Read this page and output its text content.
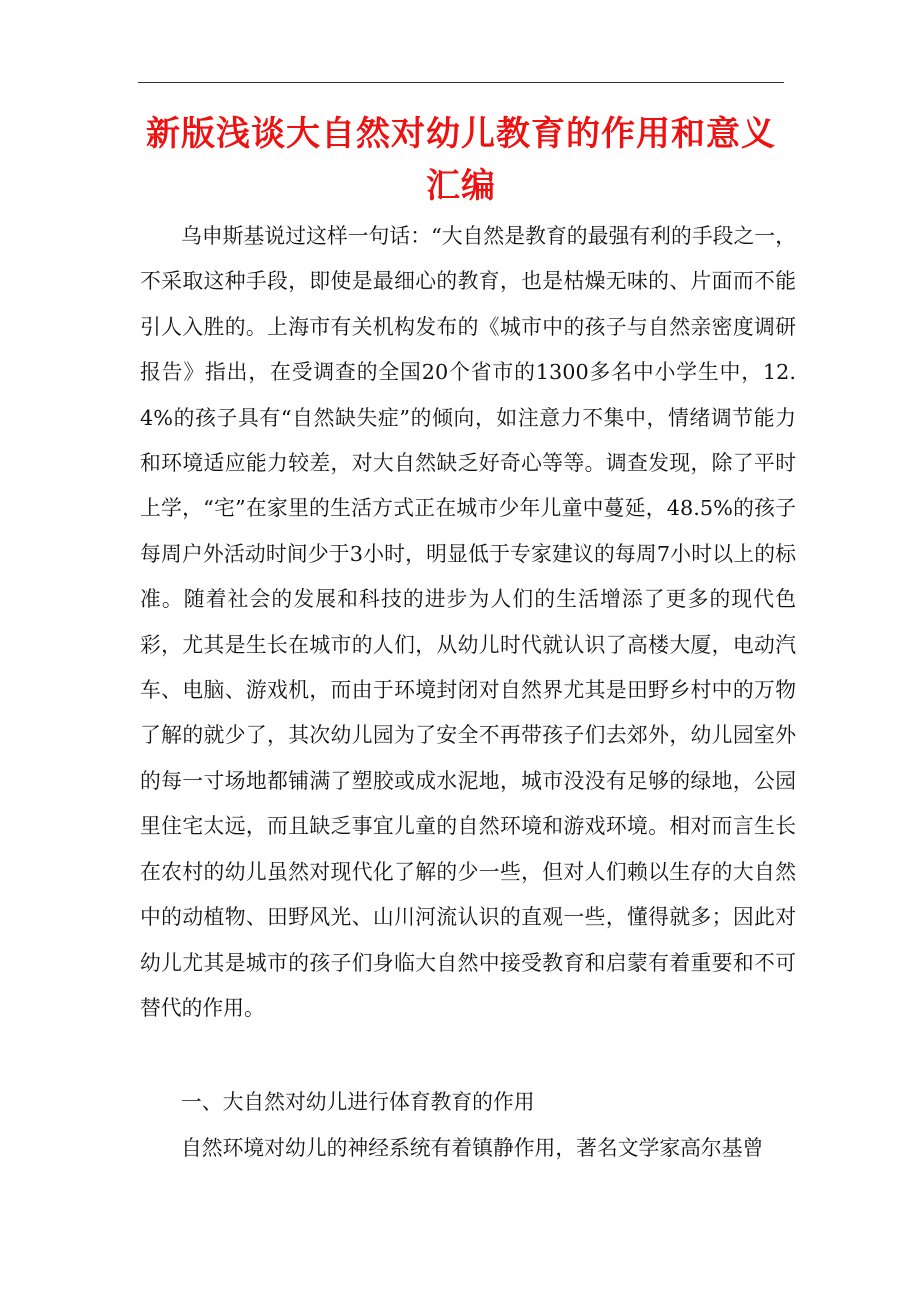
新版浅谈大自然对幼儿教育的作用和意义汇编

乌申斯基说过这样一句话：“大自然是教育的最强有利的手段之一，不采取这种手段，即使是最细心的教育，也是枯燥无味的、片面而不能引人入胜的。上海市有关机构发布的《城市中的孩子与自然亲密度调研报告》指出，在受调查的全国20个省市的1300多名中小学生中，12.4%的孩子具有“自然缺失症”的倾向，如注意力不集中，情绪调节能力和环境适应能力较差，对大自然缺乏好奇心等等。调查发现，除了平时上学，“宅”在家里的生活方式正在城市少年儿童中蔓延，48.5%的孩子每周户外活动时间少于3小时，明显低于专家建议的每周7小时以上的标准。随着社会的发展和科技的进步为人们的生活增添了更多的现代色彩，尤其是生长在城市的人们，从幼儿时代就认识了高楼大厦，电动汽车、电脑、游戏机，而由于环境封闭对自然界尤其是田野乡村中的万物了解的就少了，其次幼儿园为了安全不再带孩子们去郊外，幼儿园室外的每一寸场地都铺满了塑胶或成水泥地，城市没没有足够的绿地，公园里住宅太远，而且缺乏事宜儿童的自然环境和游戏环境。相对而言生长在农村的幼儿虽然对现代化了解的少一些，但对人们赖以生存的大自然中的动植物、田野风光、山川河流认识的直观一些，懂得就多；因此对幼儿尤其是城市的孩子们身临大自然中接受教育和启蒙有着重要和不可替代的作用。

一、大自然对幼儿进行体育教育的作用

自然环境对幼儿的神经系统有着镇静作用，著名文学家高尔基曾
